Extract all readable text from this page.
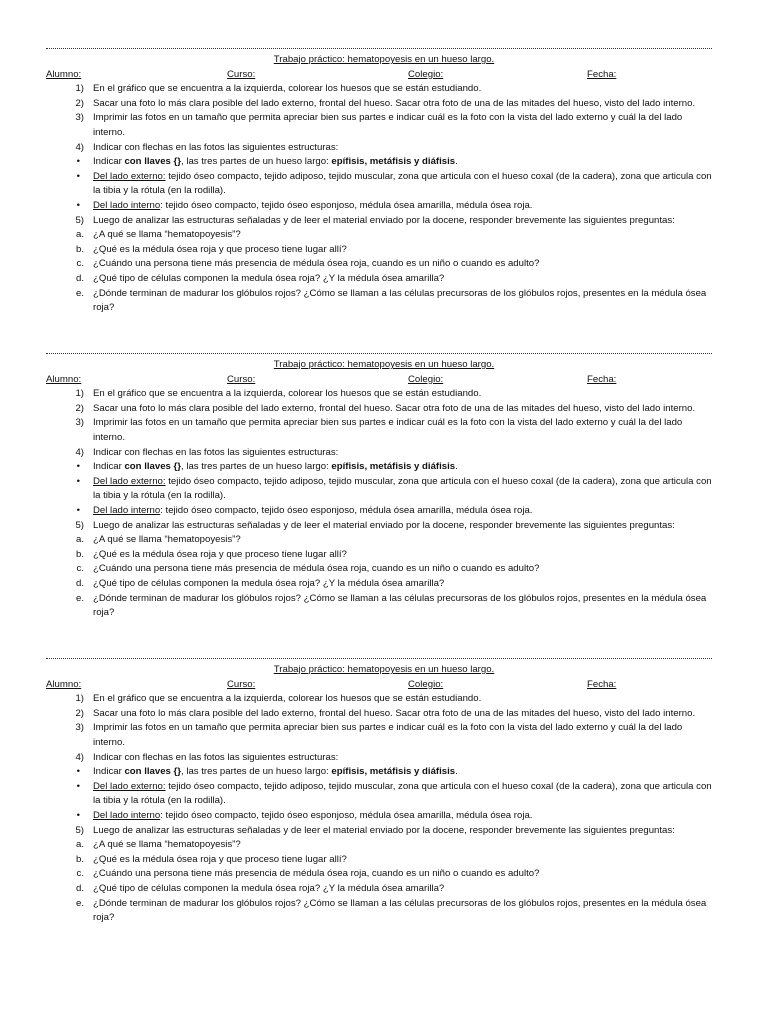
Trabajo práctico: hematopoyesis en un hueso largo.
Alumno:	Curso:	Colegio:	Fecha:
1) En el gráfico que se encuentra a la izquierda, colorear los huesos que se están estudiando.
2) Sacar una foto lo más clara posible del lado externo, frontal del hueso. Sacar otra foto de una de las mitades del hueso, visto del lado interno.
3) Imprimir las fotos en un tamaño que permita apreciar bien sus partes e indicar cuál es la foto con la vista del lado externo y cuál la del lado interno.
4) Indicar con flechas en las fotos las siguientes estructuras:
• Indicar con llaves {}, las tres partes de un hueso largo: epífisis, metáfisis y diáfisis.
• Del lado externo: tejido óseo compacto, tejido adiposo, tejido muscular, zona que articula con el hueso coxal (de la cadera), zona que articula con la tibia y la rótula (en la rodilla).
• Del lado interno: tejido óseo compacto, tejido óseo esponjoso, médula ósea amarilla, médula ósea roja.
5) Luego de analizar las estructuras señaladas y de leer el material enviado por la docene, responder brevemente las siguientes preguntas:
a. ¿A qué se llama “hematopoyesis”?
b. ¿Qué es la médula ósea roja y que proceso tiene lugar allí?
c. ¿Cuándo una persona tiene más presencia de médula ósea roja, cuando es un niño o cuando es adulto?
d. ¿Qué tipo de células componen la medula ósea roja? ¿Y la médula ósea amarilla?
e. ¿Dónde terminan de madurar los glóbulos rojos? ¿Cómo se llaman a las células precursoras de los glóbulos rojos, presentes en la médula ósea roja?
Trabajo práctico: hematopoyesis en un hueso largo.
Alumno:	Curso:	Colegio:	Fecha:
1) En el gráfico que se encuentra a la izquierda, colorear los huesos que se están estudiando.
2) Sacar una foto lo más clara posible del lado externo, frontal del hueso. Sacar otra foto de una de las mitades del hueso, visto del lado interno.
3) Imprimir las fotos en un tamaño que permita apreciar bien sus partes e indicar cuál es la foto con la vista del lado externo y cuál la del lado interno.
4) Indicar con flechas en las fotos las siguientes estructuras:
• Indicar con llaves {}, las tres partes de un hueso largo: epífisis, metáfisis y diáfisis.
• Del lado externo: tejido óseo compacto, tejido adiposo, tejido muscular, zona que articula con el hueso coxal (de la cadera), zona que articula con la tibia y la rótula (en la rodilla).
• Del lado interno: tejido óseo compacto, tejido óseo esponjoso, médula ósea amarilla, médula ósea roja.
5) Luego de analizar las estructuras señaladas y de leer el material enviado por la docene, responder brevemente las siguientes preguntas:
a. ¿A qué se llama “hematopoyesis”?
b. ¿Qué es la médula ósea roja y que proceso tiene lugar allí?
c. ¿Cuándo una persona tiene más presencia de médula ósea roja, cuando es un niño o cuando es adulto?
d. ¿Qué tipo de células componen la medula ósea roja? ¿Y la médula ósea amarilla?
e. ¿Dónde terminan de madurar los glóbulos rojos? ¿Cómo se llaman a las células precursoras de los glóbulos rojos, presentes en la médula ósea roja?
Trabajo práctico: hematopoyesis en un hueso largo.
Alumno:	Curso:	Colegio:	Fecha:
1) En el gráfico que se encuentra a la izquierda, colorear los huesos que se están estudiando.
2) Sacar una foto lo más clara posible del lado externo, frontal del hueso. Sacar otra foto de una de las mitades del hueso, visto del lado interno.
3) Imprimir las fotos en un tamaño que permita apreciar bien sus partes e indicar cuál es la foto con la vista del lado externo y cuál la del lado interno.
4) Indicar con flechas en las fotos las siguientes estructuras:
• Indicar con llaves {}, las tres partes de un hueso largo: epífisis, metáfisis y diáfisis.
• Del lado externo: tejido óseo compacto, tejido adiposo, tejido muscular, zona que articula con el hueso coxal (de la cadera), zona que articula con la tibia y la rótula (en la rodilla).
• Del lado interno: tejido óseo compacto, tejido óseo esponjoso, médula ósea amarilla, médula ósea roja.
5) Luego de analizar las estructuras señaladas y de leer el material enviado por la docene, responder brevemente las siguientes preguntas:
a. ¿A qué se llama “hematopoyesis”?
b. ¿Qué es la médula ósea roja y que proceso tiene lugar allí?
c. ¿Cuándo una persona tiene más presencia de médula ósea roja, cuando es un niño o cuando es adulto?
d. ¿Qué tipo de células componen la medula ósea roja? ¿Y la médula ósea amarilla?
e. ¿Dónde terminan de madurar los glóbulos rojos? ¿Cómo se llaman a las células precursoras de los glóbulos rojos, presentes en la médula ósea roja?
